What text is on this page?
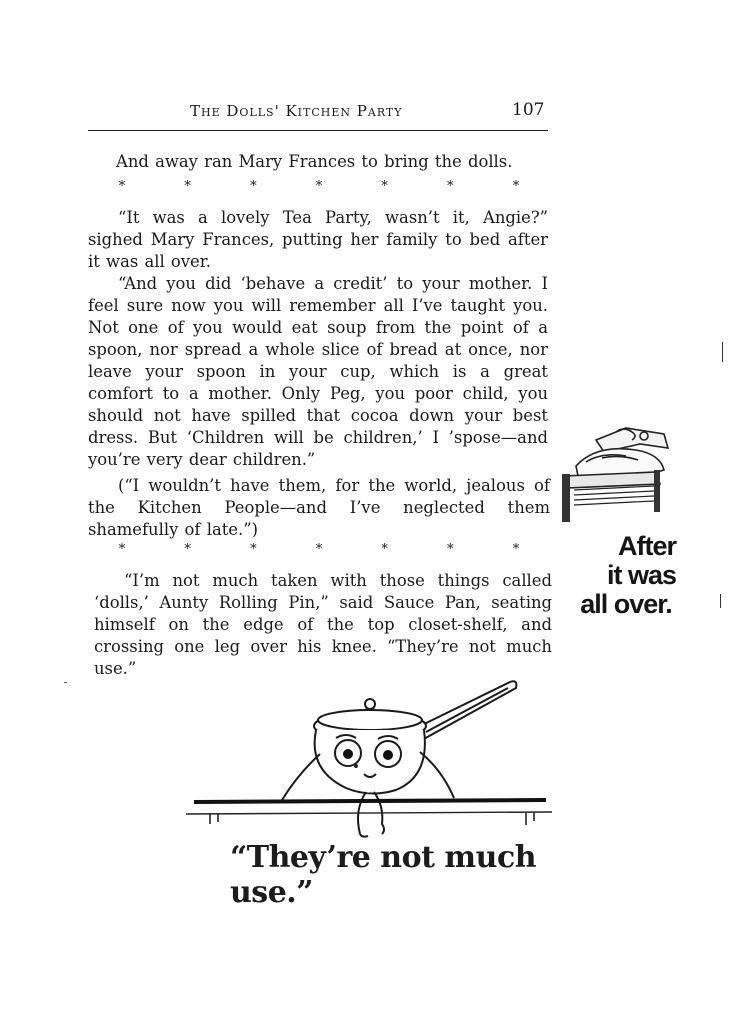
The Dolls' Kitchen Party	107

And away ran Mary Frances to bring the dolls.

*	*	*	*	*	*	*

“It was a lovely Tea Party, wasn’t it, Angie?” sighed Mary Frances, putting her family to bed after it was all over.

“And you did ‘behave a credit’ to your mother. I feel sure now you will remember all I’ve taught you. Not one of you would eat soup from the point of a spoon, nor spread a whole slice of bread at once, nor leave your spoon in your cup, which is a great comfort to a mother. Only Peg, you poor child, you should not have spilled that cocoa down your best dress. But ‘Children will be children,’ I ’spose—and you’re very dear children.”

(“I wouldn’t have them, for the world, jealous of the Kitchen People—and I’ve neglected them shamefully of late.”)

*	*	*	*	*	*	*

“I’m not much taken with those things called ‘dolls,’ Aunty Rolling Pin,” said Sauce Pan, seating himself on the edge of the top closet-shelf, and crossing one leg over his knee. “They’re not much use.”

After
it was
all over.
“They’re not much use.”
